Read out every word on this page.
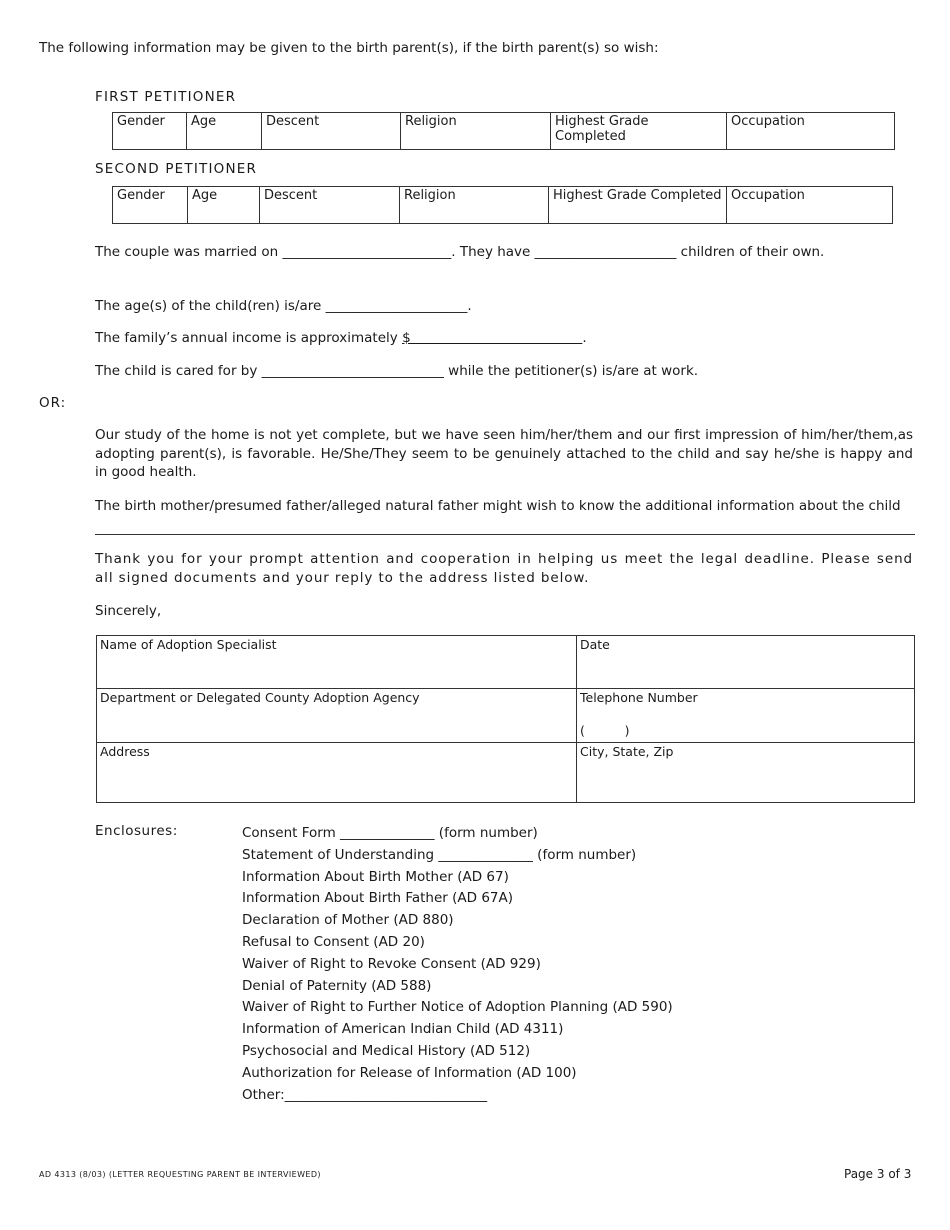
The following information may be given to the birth parent(s), if the birth parent(s) so wish:
FIRST PETITIONER
Gender	Age	Descent	Religion	Highest Grade Completed	Occupation
SECOND PETITIONER
Gender	Age	Descent	Religion	Highest Grade Completed	Occupation
The couple was married on _________________________. They have _____________________ children of their own.
The age(s) of the child(ren) is/are _____________________.
The family’s annual income is approximately $                                        .
The child is cared for by ___________________________ while the petitioner(s) is/are at work.
OR:
Our study of the home is not yet complete, but we have seen him/her/them and our first impression of him/her/them,as adopting parent(s), is favorable. He/She/They seem to be genuinely attached to the child and say he/she is happy and in good health.
The birth mother/presumed father/alleged natural father might wish to know the additional information about the child
Thank you for your prompt attention and cooperation in helping us meet the legal deadline. Please send all signed documents and your reply to the address listed below.
Sincerely,
Name of Adoption Specialist	Date
Department or Delegated County Adoption Agency	Telephone Number
(          )

Address	City, State, Zip
Enclosures:	Consent Form ______________ (form number)
Statement of Understanding ______________ (form number)
Information About Birth Mother (AD 67)
Information About Birth Father (AD 67A)
Declaration of Mother (AD 880)
Refusal to Consent (AD 20)
Waiver of Right to Revoke Consent (AD 929)
Denial of Paternity (AD 588)
Waiver of Right to Further Notice of Adoption Planning (AD 590)
Information of American Indian Child (AD 4311)
Psychosocial and Medical History (AD 512)
Authorization for Release of Information (AD 100)
Other:______________________________
AD 4313 (8/03) (LETTER REQUESTING PARENT BE INTERVIEWED)	Page 3 of 3
